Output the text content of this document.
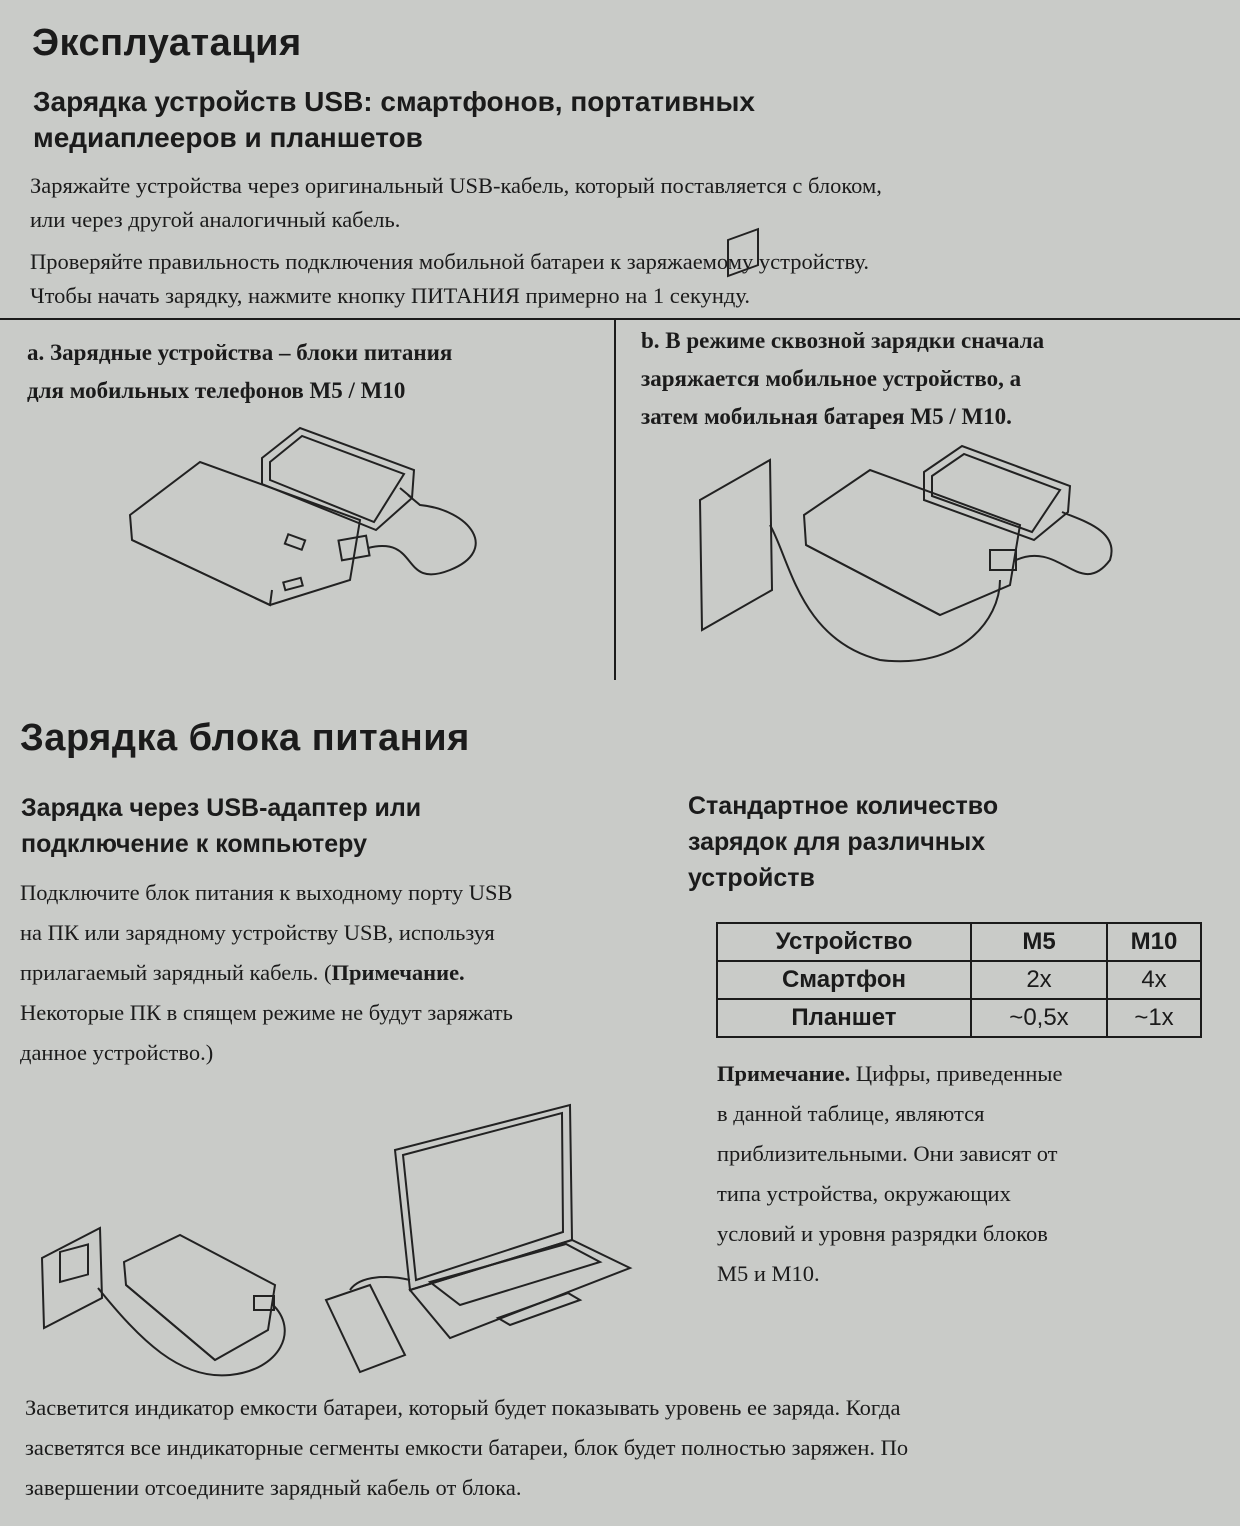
Эксплуатация
Зарядка устройств USB: смартфонов, портативных
медиаплееров и планшетов
Заряжайте устройства через оригинальный USB-кабель, который поставляется с блоком,
или через другой аналогичный кабель.
Проверяйте правильность подключения мобильной батареи к заряжаемому устройству.
Чтобы начать зарядку, нажмите кнопку ПИТАНИЯ примерно на 1 секунду.
a. Зарядные устройства – блоки питания
для мобильных телефонов M5 / M10
b. В режиме сквозной зарядки сначала
заряжается мобильное устройство, а
затем мобильная батарея M5 / M10.
Зарядка блока питания
Зарядка через USB-адаптер или
подключение к компьютеру
Подключите блок питания к выходному порту USB
на ПК или зарядному устройству USB, используя
прилагаемый зарядный кабель. (Примечание.
Некоторые ПК в спящем режиме не будут заряжать
данное устройство.)
Стандартное количество
зарядок для различных
устройств
Устройство	M5	M10
Смартфон	2x	4x
Планшет	~0,5x	~1x
Примечание. Цифры, приведенные
в данной таблице, являются
приблизительными. Они зависят от
типа устройства, окружающих
условий и уровня разрядки блоков
M5 и M10.
Засветится индикатор емкости батареи, который будет показывать уровень ее заряда. Когда
засветятся все индикаторные сегменты емкости батареи, блок будет полностью заряжен. По
завершении отсоедините зарядный кабель от блока.
